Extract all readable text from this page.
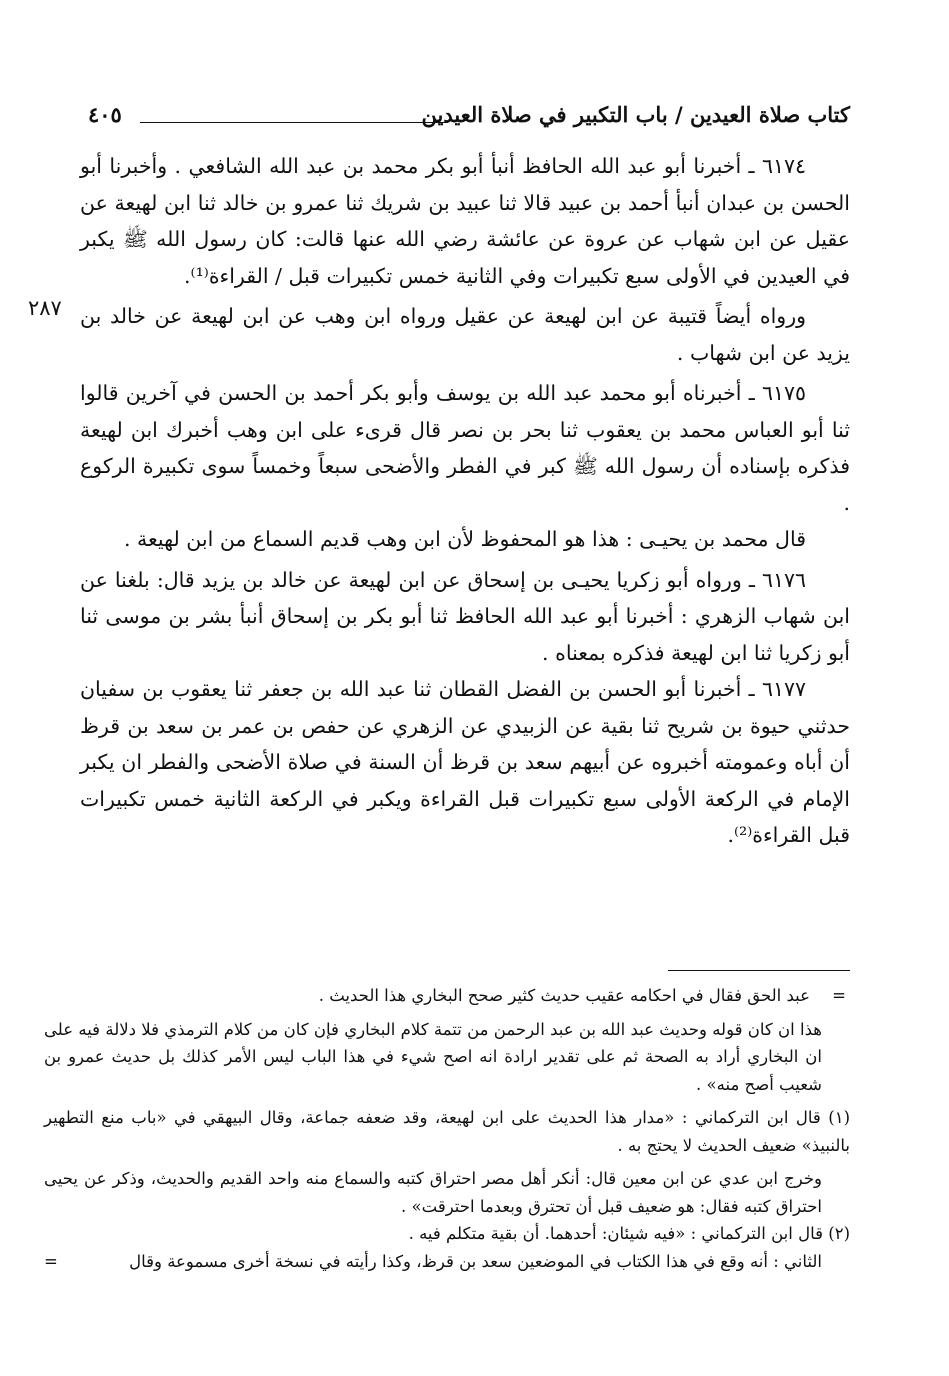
كتاب صلاة العيدين / باب التكبير في صلاة العيدين
٤٠٥
٢٨٧

٦١٧٤ ـ أخبرنا أبو عبد الله الحافظ أنبأ أبو بكر محمد بن عبد الله الشافعي . وأخبرنا أبو الحسن بن عبدان أنبأ أحمد بن عبيد قالا ثنا عبيد بن شريك ثنا عمرو بن خالد ثنا ابن لهيعة عن عقيل عن ابن شهاب عن عروة عن عائشة رضي الله عنها قالت: كان رسول الله ﷺ يكبر في العيدين في الأولى سبع تكبيرات وفي الثانية خمس تكبيرات قبل / القراءة⁽¹⁾.

ورواه أيضاً قتيبة عن ابن لهيعة عن عقيل ورواه ابن وهب عن ابن لهيعة عن خالد بن يزيد عن ابن شهاب .

٦١٧٥ ـ أخبرناه أبو محمد عبد الله بن يوسف وأبو بكر أحمد بن الحسن في آخرين قالوا ثنا أبو العباس محمد بن يعقوب ثنا بحر بن نصر قال قرىء على ابن وهب أخبرك ابن لهيعة فذكره بإسناده أن رسول الله ﷺ كبر في الفطر والأضحى سبعاً وخمساً سوى تكبيرة الركوع .

قال محمد بن يحيـى : هذا هو المحفوظ لأن ابن وهب قديم السماع من ابن لهيعة .

٦١٧٦ ـ ورواه أبو زكريا يحيـى بن إسحاق عن ابن لهيعة عن خالد بن يزيد قال: بلغنا عن ابن شهاب الزهري : أخبرنا أبو عبد الله الحافظ ثنا أبو بكر بن إسحاق أنبأ بشر بن موسى ثنا أبو زكريا ثنا ابن لهيعة فذكره بمعناه .

٦١٧٧ ـ أخبرنا أبو الحسن بن الفضل القطان ثنا عبد الله بن جعفر ثنا يعقوب بن سفيان حدثني حيوة بن شريح ثنا بقية عن الزبيدي عن الزهري عن حفص بن عمر بن سعد بن قرظ أن أباه وعمومته أخبروه عن أبيهم سعد بن قرظ أن السنة في صلاة الأضحى والفطر ان يكبر الإمام في الركعة الأولى سبع تكبيرات قبل القراءة ويكبر في الركعة الثانية خمس تكبيرات قبل القراءة⁽²⁾.

=
عبد الحق فقال في احكامه عقيب حديث كثير صحح البخاري هذا الحديث .

هذا ان كان قوله وحديث عبد الله بن عبد الرحمن من تتمة كلام البخاري فإن كان من كلام الترمذي فلا دلالة فيه على ان البخاري أراد به الصحة ثم على تقدير ارادة انه اصح شيء في هذا الباب ليس الأمر كذلك بل حديث عمرو بن شعيب أصح منه» .

(١) قال ابن التركماني : «مدار هذا الحديث على ابن لهيعة، وقد ضعفه جماعة، وقال البيهقي في «باب منع التطهير بالنبيذ» ضعيف الحديث لا يحتج به .

وخرج ابن عدي عن ابن معين قال: أنكر أهل مصر احتراق كتبه والسماع منه واحد القديم والحديث، وذكر عن يحيى احتراق كتبه فقال: هو ضعيف قبل أن تحترق وبعدما احترقت» .

(٢) قال ابن التركماني : «فيه شيئان: أحدهما. أن بقية متكلم فيه .

الثاني : أنه وقع في هذا الكتاب في الموضعين سعد بن قرظ، وكذا رأيته في نسخة أخرى مسموعة وقال
=
